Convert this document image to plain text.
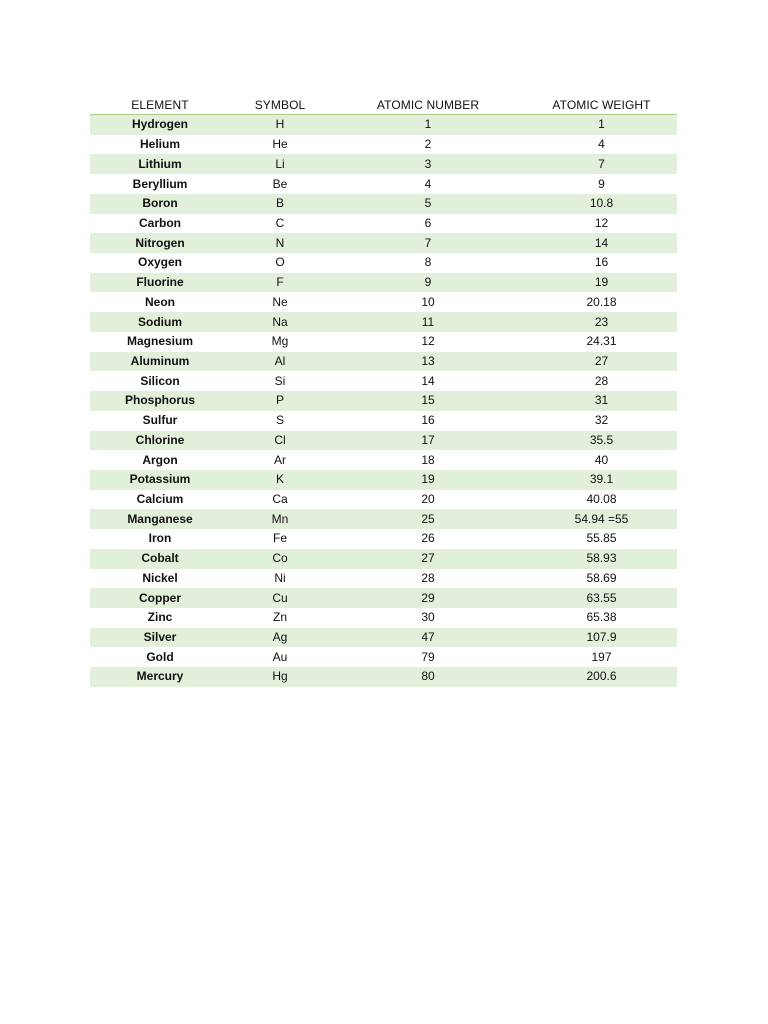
ELEMENT	SYMBOL	ATOMIC NUMBER	ATOMIC WEIGHT
Hydrogen	H	1	1
Helium	He	2	4
Lithium	Li	3	7
Beryllium	Be	4	9
Boron	B	5	10.8
Carbon	C	6	12
Nitrogen	N	7	14
Oxygen	O	8	16
Fluorine	F	9	19
Neon	Ne	10	20.18
Sodium	Na	11	23
Magnesium	Mg	12	24.31
Aluminum	Al	13	27
Silicon	Si	14	28
Phosphorus	P	15	31
Sulfur	S	16	32
Chlorine	Cl	17	35.5
Argon	Ar	18	40
Potassium	K	19	39.1
Calcium	Ca	20	40.08
Manganese	Mn	25	54.94 =55
Iron	Fe	26	55.85
Cobalt	Co	27	58.93
Nickel	Ni	28	58.69
Copper	Cu	29	63.55
Zinc	Zn	30	65.38
Silver	Ag	47	107.9
Gold	Au	79	197
Mercury	Hg	80	200.6
